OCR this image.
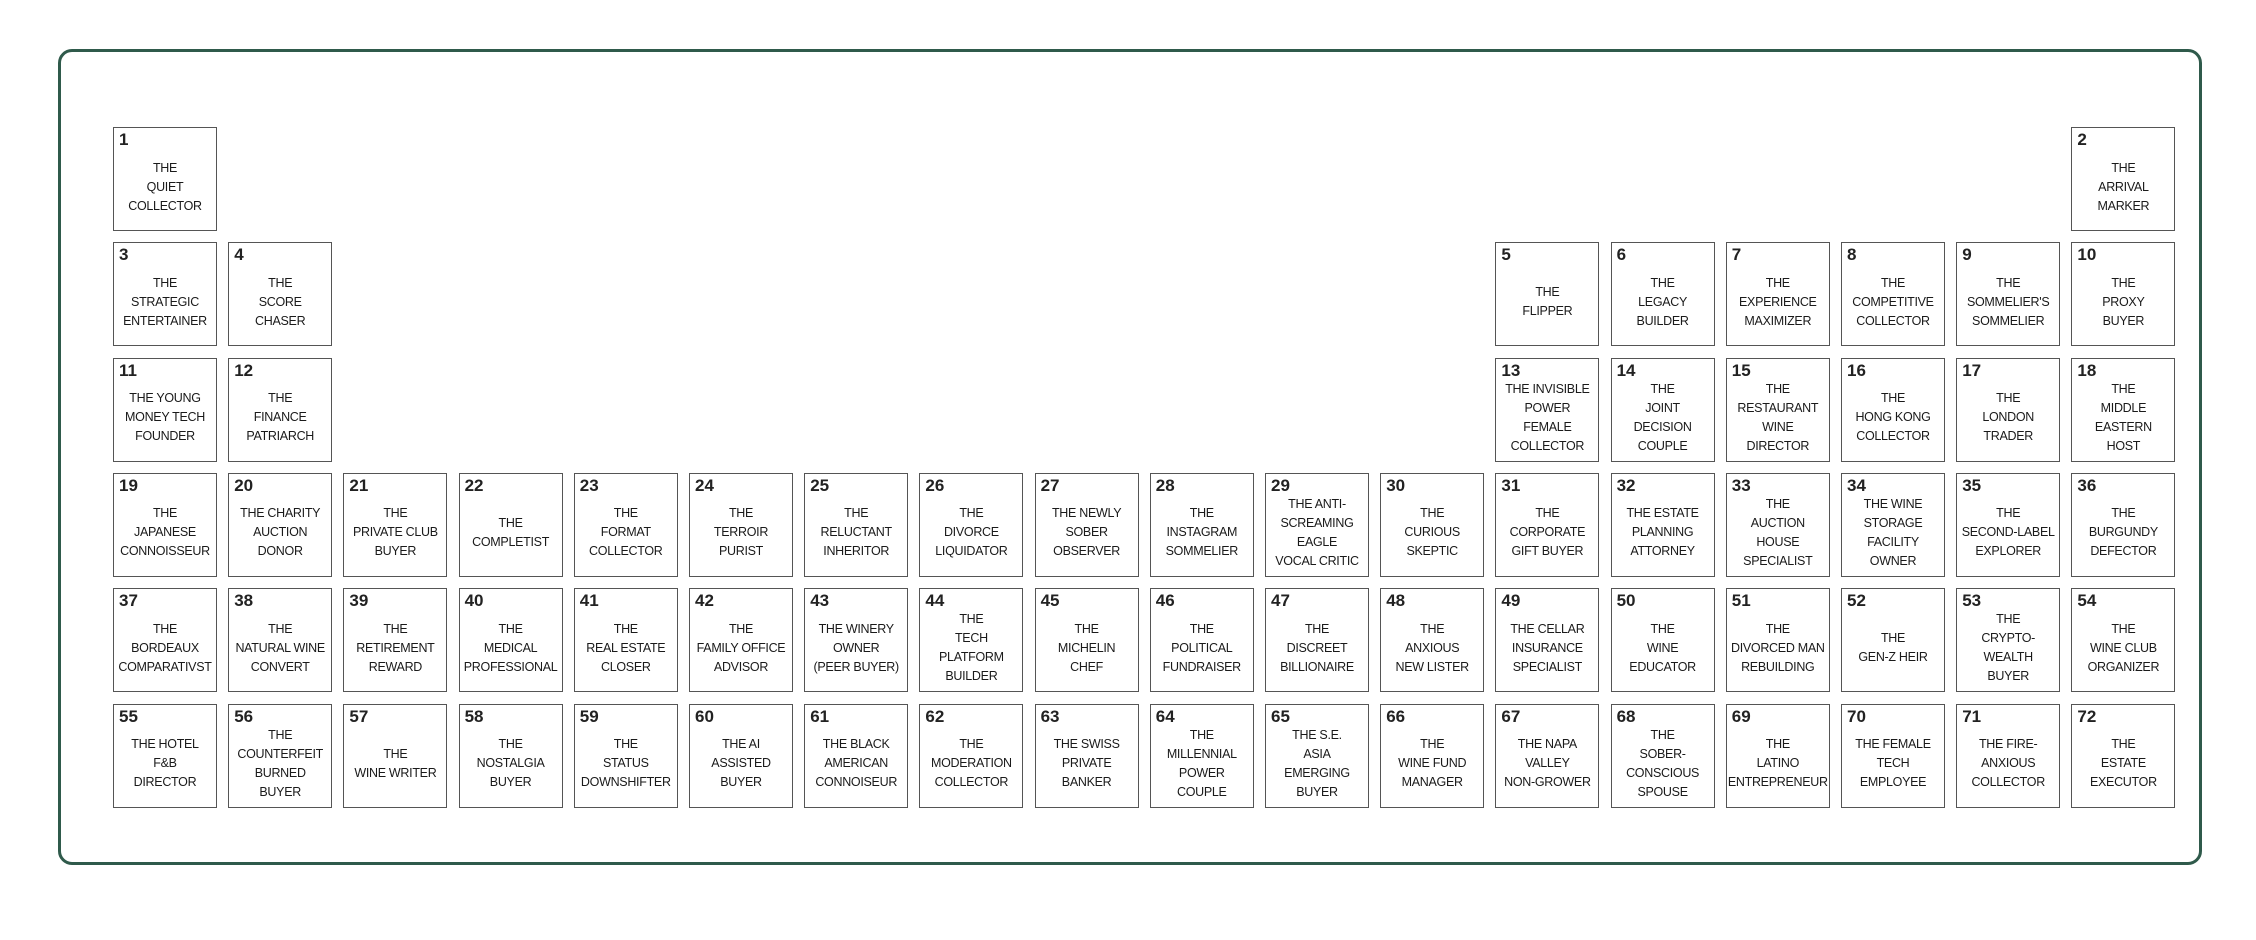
1
THE
QUIET
COLLECTOR
2
THE
ARRIVAL
MARKER
3
THE
STRATEGIC
ENTERTAINER
4
THE
SCORE
CHASER
5
THE
FLIPPER
6
THE
LEGACY
BUILDER
7
THE
EXPERIENCE
MAXIMIZER
8
THE
COMPETITIVE
COLLECTOR
9
THE
SOMMELIER'S
SOMMELIER
10
THE
PROXY
BUYER
11
THE YOUNG
MONEY TECH
FOUNDER
12
THE
FINANCE
PATRIARCH
13
THE INVISIBLE
POWER FEMALE
COLLECTOR
14
THE
JOINT DECISION
COUPLE
15
THE
RESTAURANT
WINE DIRECTOR
16
THE
HONG KONG
COLLECTOR
17
THE
LONDON
TRADER
18
THE
MIDDLE EASTERN
HOST
19
THE
JAPANESE
CONNOISSEUR
20
THE CHARITY
AUCTION
DONOR
21
THE
PRIVATE CLUB
BUYER
22
THE
COMPLETIST
23
THE
FORMAT
COLLECTOR
24
THE
TERROIR
PURIST
25
THE
RELUCTANT
INHERITOR
26
THE
DIVORCE
LIQUIDATOR
27
THE NEWLY
SOBER
OBSERVER
28
THE
INSTAGRAM
SOMMELIER
29
THE ANTI-
SCREAMING EAGLE
VOCAL CRITIC
30
THE
CURIOUS
SKEPTIC
31
THE
CORPORATE
GIFT BUYER
32
THE ESTATE
PLANNING
ATTORNEY
33
THE
AUCTION HOUSE
SPECIALIST
34
THE WINE
STORAGE FACILITY
OWNER
35
THE
SECOND-LABEL
EXPLORER
36
THE
BURGUNDY
DEFECTOR
37
THE
BORDEAUX
COMPARATIVST
38
THE
NATURAL WINE
CONVERT
39
THE
RETIREMENT
REWARD
40
THE
MEDICAL
PROFESSIONAL
41
THE
REAL ESTATE
CLOSER
42
THE
FAMILY OFFICE
ADVISOR
43
THE WINERY
OWNER
(PEER BUYER)
44
THE
TECH PLATFORM
BUILDER
45
THE
MICHELIN
CHEF
46
THE
POLITICAL
FUNDRAISER
47
THE
DISCREET
BILLIONAIRE
48
THE
ANXIOUS
NEW LISTER
49
THE CELLAR
INSURANCE
SPECIALIST
50
THE
WINE
EDUCATOR
51
THE
DIVORCED MAN
REBUILDING
52
THE
GEN-Z HEIR
53
THE
CRYPTO-WEALTH
BUYER
54
THE
WINE CLUB
ORGANIZER
55
THE HOTEL
F&B
DIRECTOR
56
THE
COUNTERFEIT
BURNED BUYER
57
THE
WINE WRITER
58
THE
NOSTALGIA
BUYER
59
THE
STATUS
DOWNSHIFTER
60
THE AI
ASSISTED
BUYER
61
THE BLACK
AMERICAN
CONNOISEUR
62
THE
MODERATION
COLLECTOR
63
THE SWISS
PRIVATE
BANKER
64
THE
MILLENNIAL
POWER COUPLE
65
THE S.E.
ASIA EMERGING
BUYER
66
THE
WINE FUND
MANAGER
67
THE NAPA
VALLEY
NON-GROWER
68
THE
SOBER-CONSCIOUS
SPOUSE
69
THE
LATINO
ENTREPRENEUR
70
THE FEMALE
TECH
EMPLOYEE
71
THE FIRE-
ANXIOUS
COLLECTOR
72
THE
ESTATE
EXECUTOR
